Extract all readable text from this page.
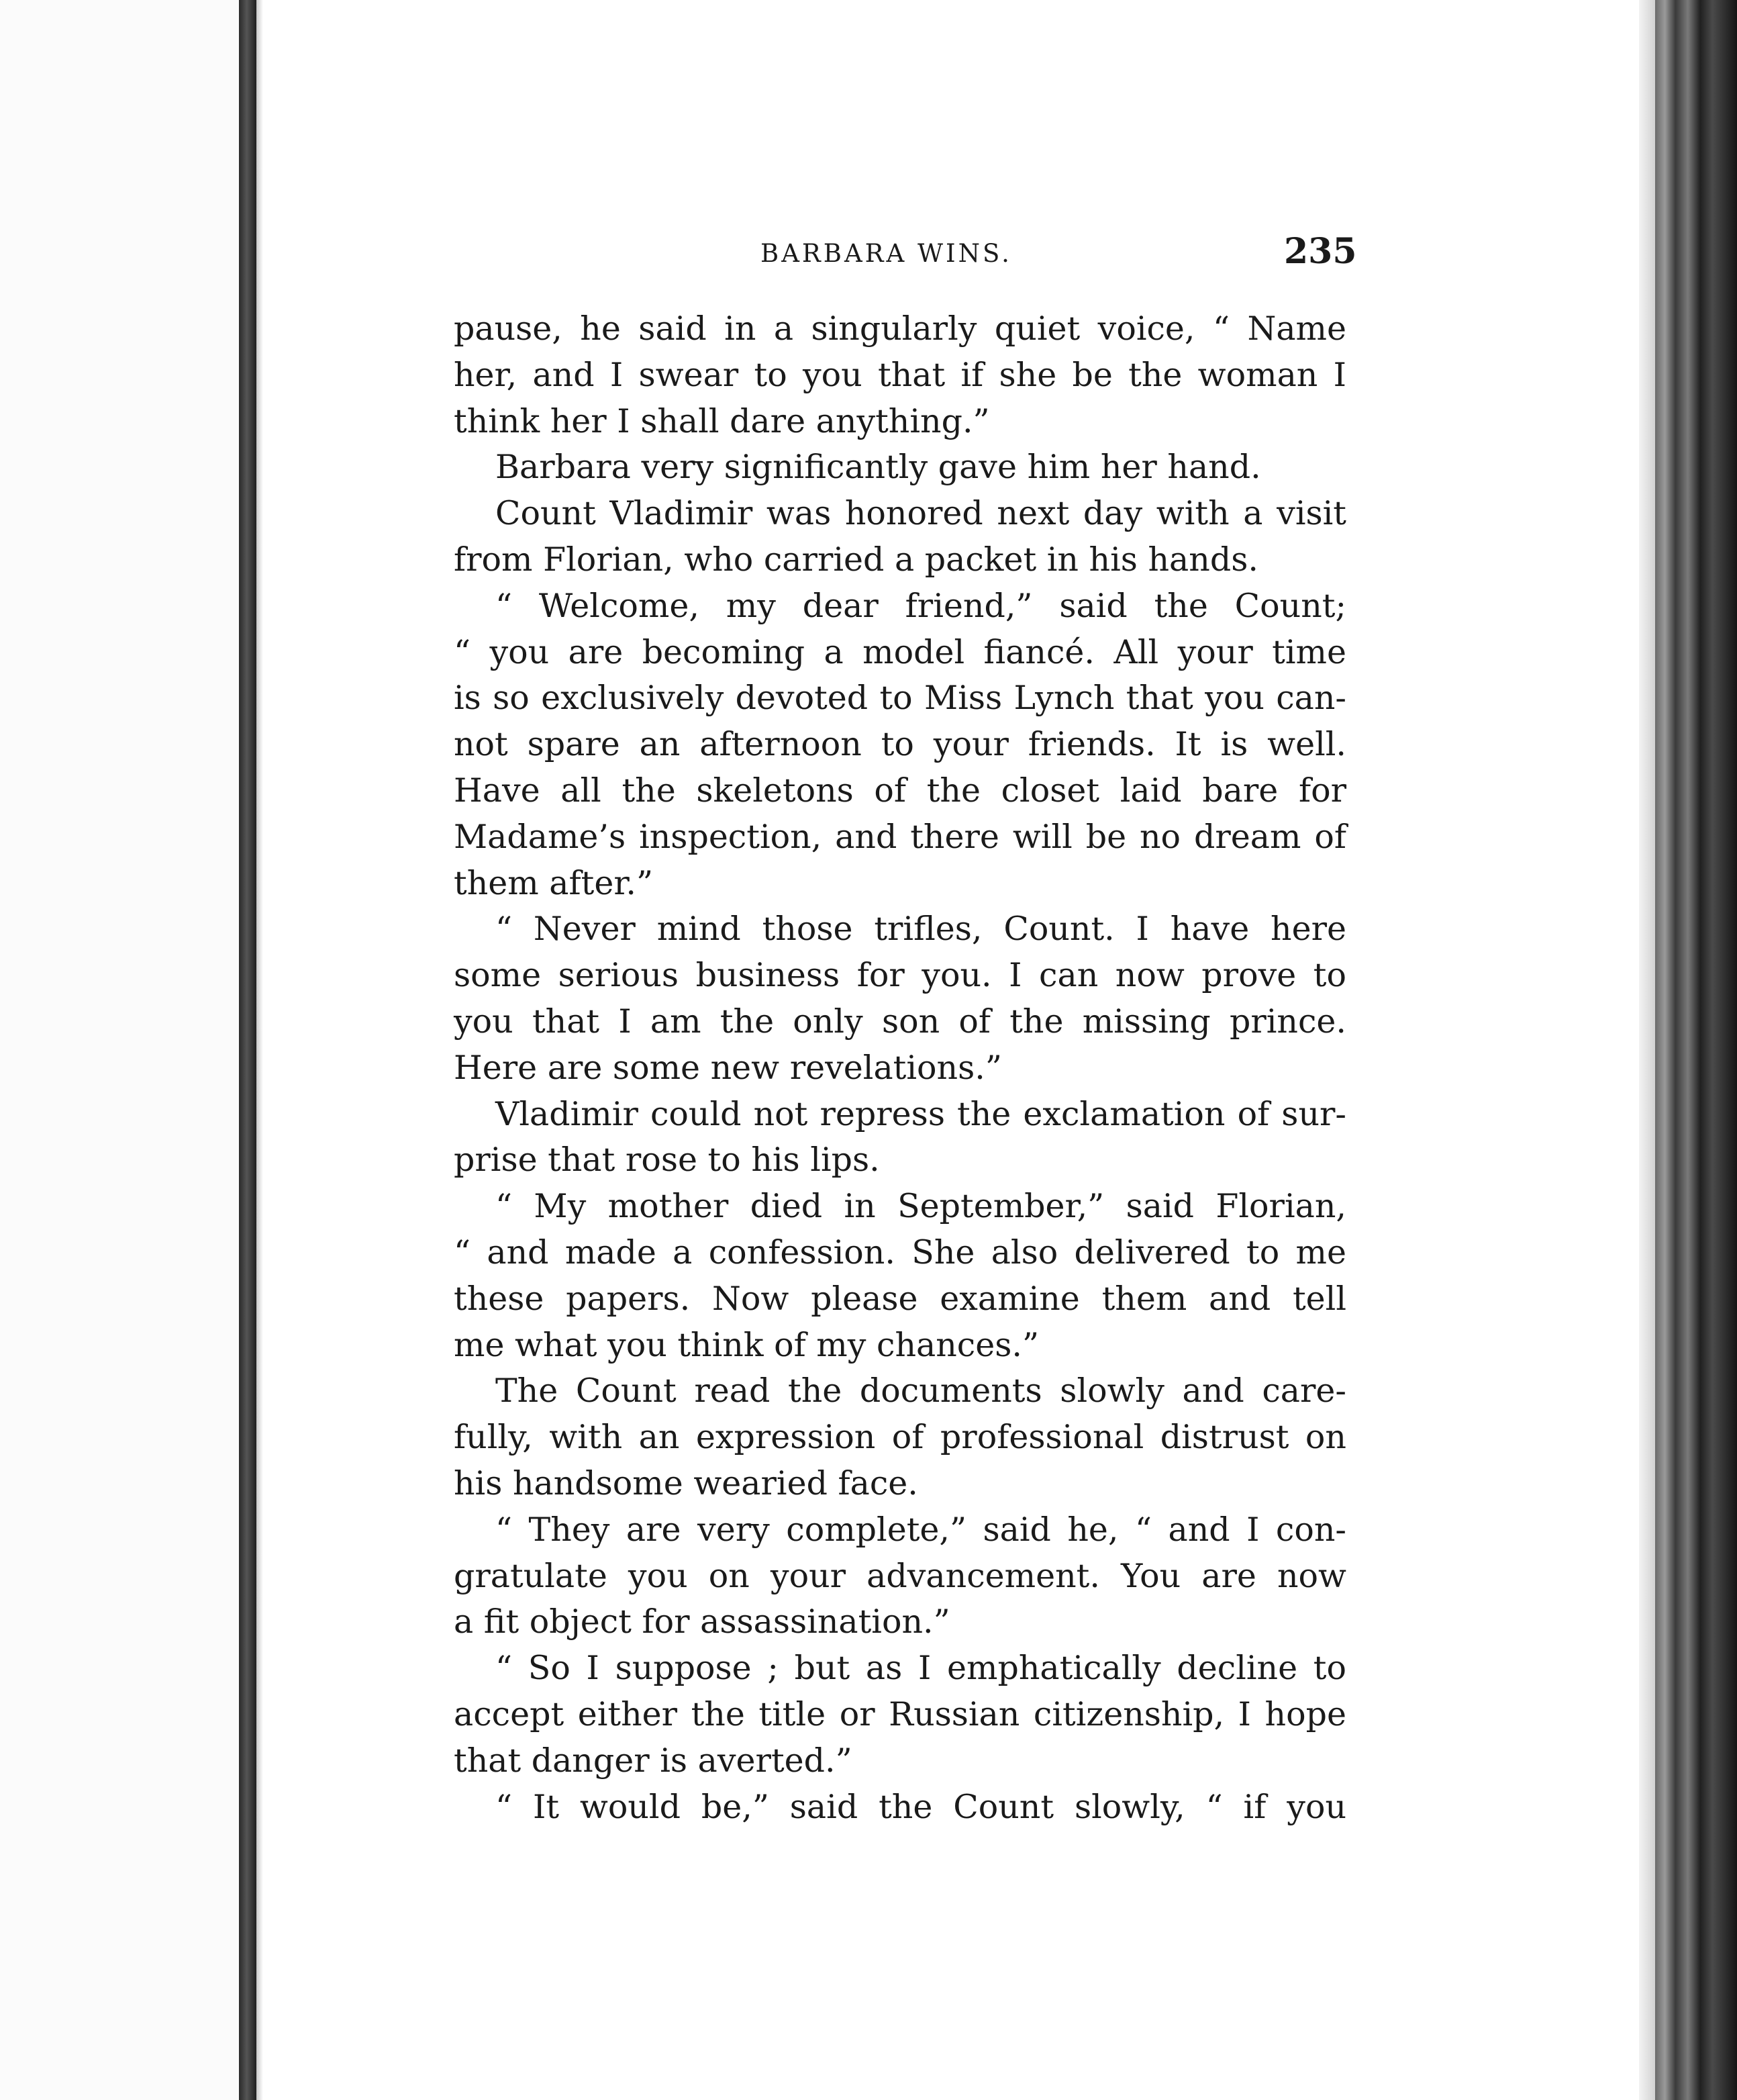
BARBARA WINS.	235
pause, he said in a singularly quiet voice, “ Name
her, and I swear to you that if she be the woman I
think her I shall dare anything.”
Barbara very significantly gave him her hand.
Count Vladimir was honored next day with a visit
from Florian, who carried a packet in his hands.
“ Welcome, my dear friend,” said the Count;
“ you are becoming a model fiancé. All your time
is so exclusively devoted to Miss Lynch that you can-
not spare an afternoon to your friends. It is well.
Have all the skeletons of the closet laid bare for
Madame’s inspection, and there will be no dream of
them after.”
“ Never mind those trifles, Count. I have here
some serious business for you. I can now prove to
you that I am the only son of the missing prince.
Here are some new revelations.”
Vladimir could not repress the exclamation of sur-
prise that rose to his lips.
“ My mother died in September,” said Florian,
“ and made a confession. She also delivered to me
these papers. Now please examine them and tell
me what you think of my chances.”
The Count read the documents slowly and care-
fully, with an expression of professional distrust on
his handsome wearied face.
“ They are very complete,” said he, “ and I con-
gratulate you on your advancement. You are now
a fit object for assassination.”
“ So I suppose ; but as I emphatically decline to
accept either the title or Russian citizenship, I hope
that danger is averted.”
“ It would be,” said the Count slowly, “ if you
